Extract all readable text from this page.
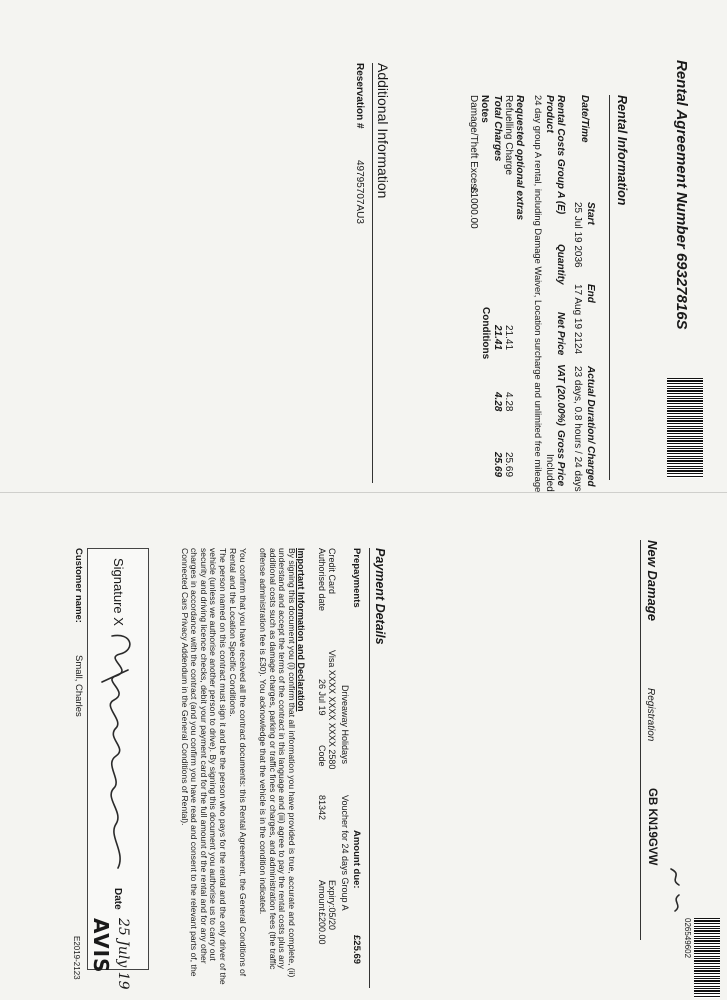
Rental Agreement Number 69327816S
Rental Information
Date/Time
Start
End
Actual Duration/ Charged
25 Jul 19 2036
17 Aug 19 2124
23 days, 0.8 hours / 24 days
Rental Costs Group A (E)
Quantity
Net Price
VAT (20.00%)
Gross Price
Product
Included
24 day group A rental, including Damage Waiver, Location surcharge and unlimited free mileage
Requested optional extras
Refuelling Charge
21.41
4.28
25.69
Total Charges
21.41
4.28
25.69
Notes
Conditions
Damage/Theft Excess
£1000.00
Additional Information
Reservation #
49795707AU3
New Damage
Registration
GB KN19GVW
026549602
Payment Details
Prepayments
Amount due:
£25.69
Driveaway Holidays
Voucher for 24 days Group A
Credit Card
Visa XXXX XXXX XXXX 2580
Expiry:05/20
Authorised date
26 Jul 19
Code
81342
Amount
£200.00
Important Information and Declaration
By signing this document you (i) confirm that all information you have provided is true, accurate and complete, (ii) understand and accept the terms of the contract in this language and (iii) agree to pay the rental costs plus any additional costs such as damage charges, parking or traffic fines or charges, and administration fees (the traffic offense administration fee is £30). You acknowledge that the vehicle is in the condition indicated.
You confirm that you have received all the contract documents: this Rental Agreement, the General Conditions of Rental and the Location Specific Conditions.
The person named on this contract must sign it and be the person who pays for the rental and the only driver of the vehicle (unless we authorise another person to drive). By signing this document you authorise us to carry out security and driving licence checks, debit your payment card for the full amount of the rental and for any other charges in accordance with the contract (and you confirm you have read and consent to the relevant parts of, the Connected Cars Privacy Addendum in the General Conditions of Rental).
Signature X
Date
25 July 19
Customer name:
Small, Charles
AVIS
E2019-2123
